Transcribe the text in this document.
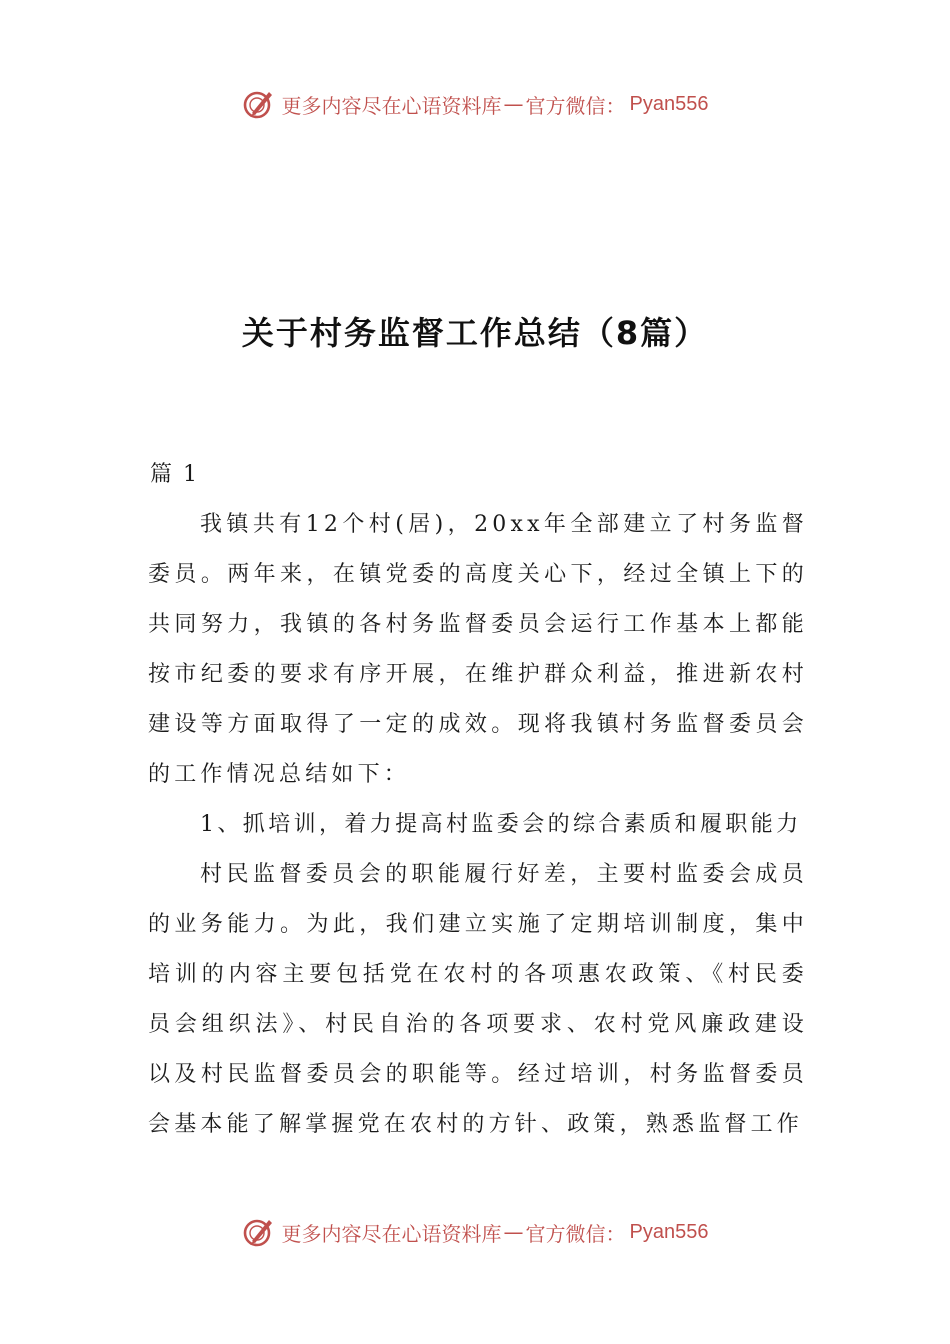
更多内容尽在心语资料库 — 官方微信： Pyan556
关于村务监督工作总结（8篇）

篇 1

我镇共有12个村(居)，20xx年全部建立了村务监督委员。两年来，在镇党委的高度关心下，经过全镇上下的共同努力，我镇的各村务监督委员会运行工作基本上都能按市纪委的要求有序开展，在维护群众利益，推进新农村建设等方面取得了一定的成效。现将我镇村务监督委员会的工作情况总结如下：

1、抓培训，着力提高村监委会的综合素质和履职能力

村民监督委员会的职能履行好差，主要村监委会成员的业务能力。为此，我们建立实施了定期培训制度，集中培训的内容主要包括党在农村的各项惠农政策、《村民委员会组织法》、村民自治的各项要求、农村党风廉政建设以及村民监督委员会的职能等。经过培训，村务监督委员会基本能了解掌握党在农村的方针、政策，熟悉监督工作

更多内容尽在心语资料库 — 官方微信： Pyan556
